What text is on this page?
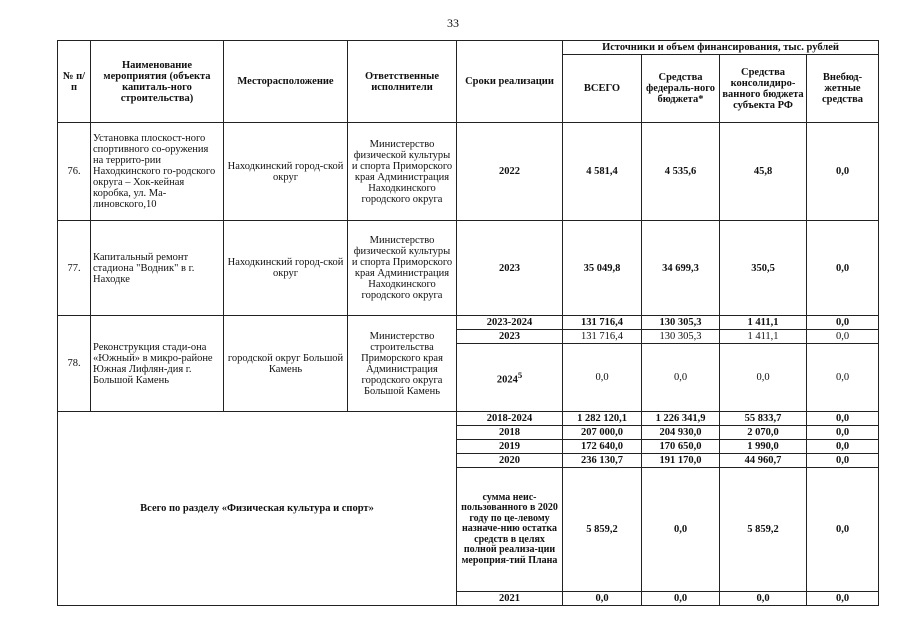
33
№ п/п	Наименование мероприятия (объекта капиталь-ного строительства)	Месторасположение	Ответственные исполнители	Сроки реализации	Источники и объем финансирования, тыс. рублей			
					ВСЕГО	Средства федераль-ного бюджета*	Средства консолидиро-ванного бюджета субъекта РФ	Внебюд-жетные средства
76.	Установка плоскост-ного спортивного со-оружения на террито-рии Находкинского го-родского округа – Хок-кейная коробка, ул. Ма-линовского,10	Находкинский город-ской округ	Министерство физической культуры и спорта Приморского края Администрация Находкинского городского округа	2022	4 581,4	4 535,6	45,8	0,0
77.	Капитальный ремонт стадиона "Водник" в г. Находке	Находкинский город-ской округ	Министерство физической культуры и спорта Приморского края Администрация Находкинского городского округа	2023	35 049,8	34 699,3	350,5	0,0
78.	Реконструкция стади-она «Южный» в микро-районе Южная Лифлян-дия г. Большой Камень	городской округ Большой Камень	Министерство строительства Приморского края Администрация городского округа Большой Камень	2023-2024	131 716,4	130 305,3	1 411,1	0,0
				2023	131 716,4	130 305,3	1 411,1	0,0
				2024$^5$	0,0	0,0	0,0	0,0
Всего по разделу «Физическая культура и спорт»				2018-2024	1 282 120,1	1 226 341,9	55 833,7	0,0
				2018	207 000,0	204 930,0	2 070,0	0,0
				2019	172 640,0	170 650,0	1 990,0	0,0
				2020	236 130,7	191 170,0	44 960,7	0,0
				сумма неис-пользованного в 2020 году по це-левому назначе-нию остатка средств в целях полной реализа-ции мероприя-тий Плана	5 859,2	0,0	5 859,2	0,0
				2021	0,0	0,0	0,0	0,0
